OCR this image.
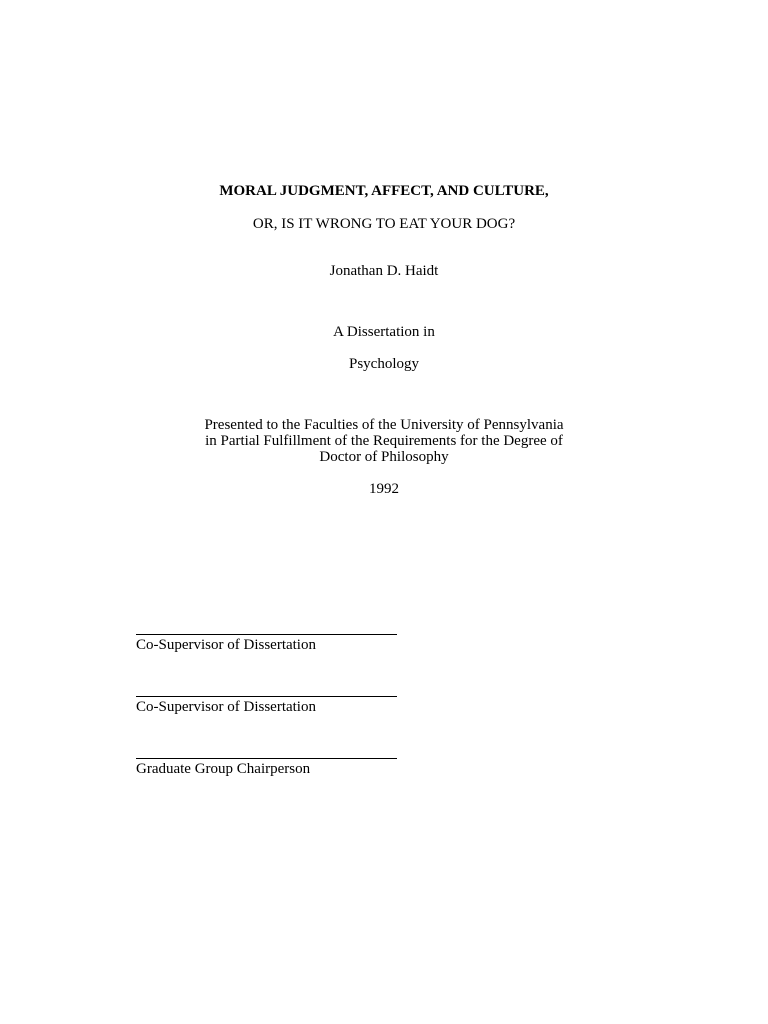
MORAL JUDGMENT, AFFECT, AND CULTURE,
OR, IS IT WRONG TO EAT YOUR DOG?
Jonathan D. Haidt
A Dissertation in
Psychology
Presented to the Faculties of the University of Pennsylvania
in Partial Fulfillment of the Requirements for the Degree of
Doctor of Philosophy
1992
Co-Supervisor of Dissertation
Co-Supervisor of Dissertation
Graduate Group Chairperson
